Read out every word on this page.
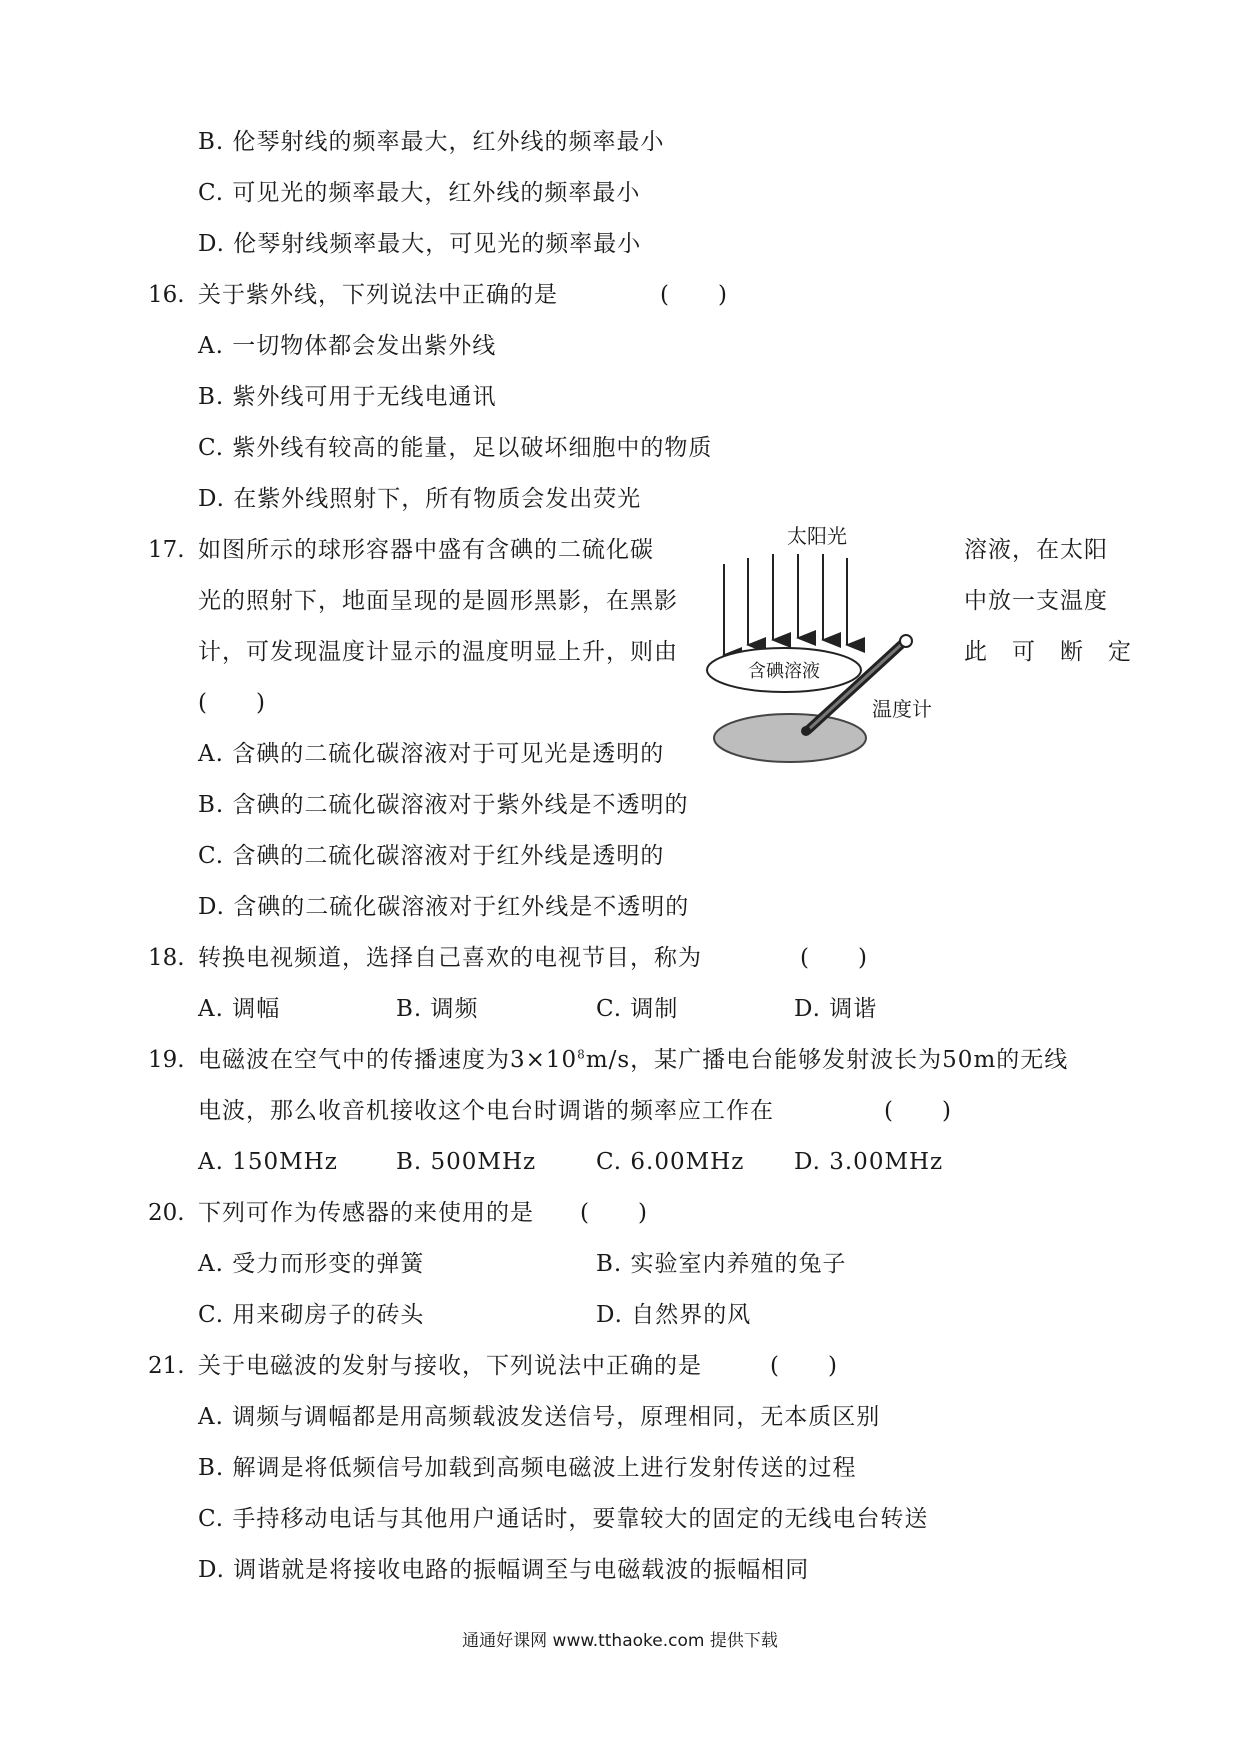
B. 伦琴射线的频率最大，红外线的频率最小
C. 可见光的频率最大，红外线的频率最小
D. 伦琴射线频率最大，可见光的频率最小
16. 关于紫外线，下列说法中正确的是	(　　)
A. 一切物体都会发出紫外线
B. 紫外线可用于无线电通讯
C. 紫外线有较高的能量，足以破坏细胞中的物质
D. 在紫外线照射下，所有物质会发出荧光
17. 如图所示的球形容器中盛有含碘的二硫化碳	溶液，在太阳
光的照射下，地面呈现的是圆形黑影，在黑影	中放一支温度
计，可发现温度计显示的温度明显上升，则由	此　可　断　定
(　　)
A. 含碘的二硫化碳溶液对于可见光是透明的
B. 含碘的二硫化碳溶液对于紫外线是不透明的
C. 含碘的二硫化碳溶液对于红外线是透明的
D. 含碘的二硫化碳溶液对于红外线是不透明的
太阳光
含碘溶液
温度计
18. 转换电视频道，选择自己喜欢的电视节目，称为	(　　)
A. 调幅	B. 调频	C. 调制	D. 调谐
19. 电磁波在空气中的传播速度为$3\times 10^8m/s$，某广播电台能够发射波长为50m的无线
电波，那么收音机接收这个电台时调谐的频率应工作在	(　　)
A. 150MHz	B. 500MHz	C. 6.00MHz D. 3.00MHz
20. 下列可作为传感器的来使用的是 (　　)
A. 受力而形变的弹簧	B. 实验室内养殖的兔子
C. 用来砌房子的砖头	D. 自然界的风
21. 关于电磁波的发射与接收，下列说法中正确的是	(　　)
A. 调频与调幅都是用高频载波发送信号，原理相同，无本质区别
B. 解调是将低频信号加载到高频电磁波上进行发射传送的过程
C. 手持移动电话与其他用户通话时，要靠较大的固定的无线电台转送
D. 调谐就是将接收电路的振幅调至与电磁载波的振幅相同
通通好课网 www.tthaoke.com 提供下载
